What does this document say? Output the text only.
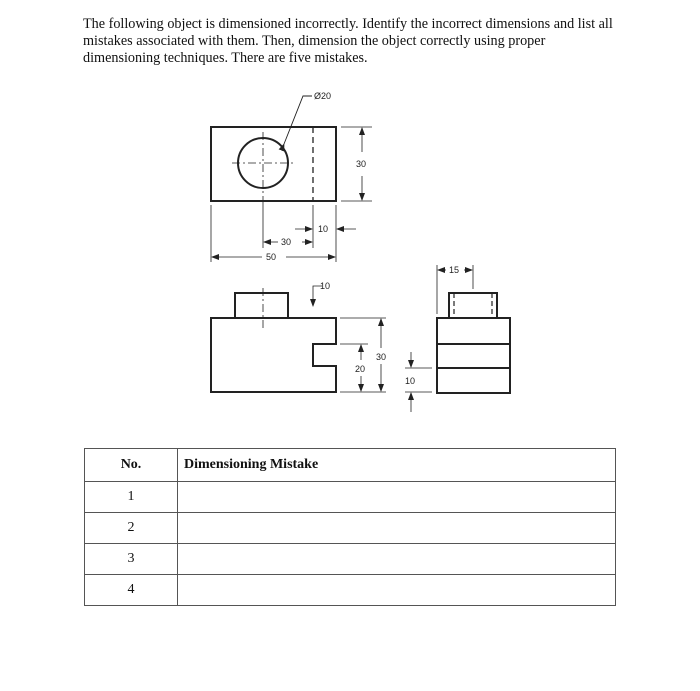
The following object is dimensioned incorrectly. Identify the incorrect dimensions and list all mistakes associated with them. Then, dimension the object correctly using proper dimensioning techniques. There are five mistakes.
Ø20
30
10
30
50
10
20
30
15
10
No.	Dimensioning Mistake
1	
2	
3	
4	
